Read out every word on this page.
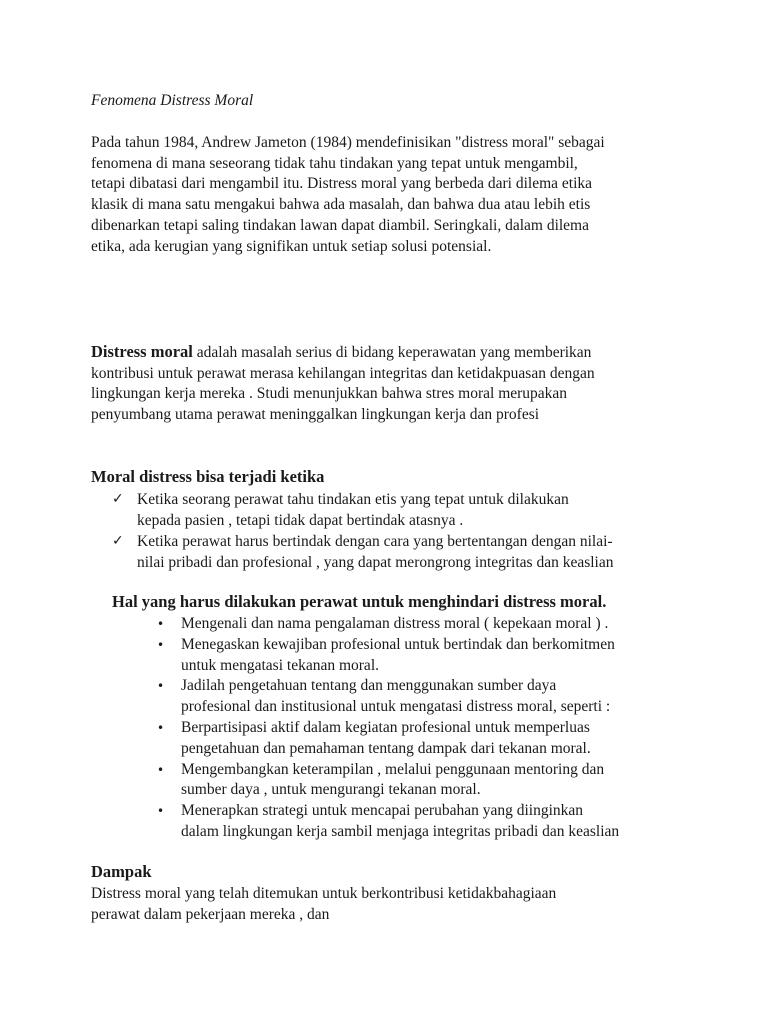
Fenomena Distress Moral
Pada tahun 1984, Andrew Jameton (1984) mendefinisikan "distress moral" sebagai
fenomena di mana seseorang tidak tahu tindakan yang tepat untuk mengambil,
tetapi dibatasi dari mengambil itu. Distress moral yang berbeda dari dilema etika
klasik di mana satu mengakui bahwa ada masalah, dan bahwa dua atau lebih etis
dibenarkan tetapi saling tindakan lawan dapat diambil. Seringkali, dalam dilema
etika, ada kerugian yang signifikan untuk setiap solusi potensial.
Distress moral adalah masalah serius di bidang keperawatan yang memberikan
kontribusi untuk perawat merasa kehilangan integritas dan ketidakpuasan dengan
lingkungan kerja mereka . Studi menunjukkan bahwa stres moral merupakan
penyumbang utama perawat meninggalkan lingkungan kerja dan profesi
Moral distress bisa terjadi ketika
✓ Ketika seorang perawat tahu tindakan etis yang tepat untuk dilakukan
kepada pasien , tetapi tidak dapat bertindak atasnya .
✓ Ketika perawat harus bertindak dengan cara yang bertentangan dengan nilai-
nilai pribadi dan profesional , yang dapat merongrong integritas dan keaslian
Hal yang harus dilakukan perawat untuk menghindari distress moral.
• Mengenali dan nama pengalaman distress moral ( kepekaan moral ) .
• Menegaskan kewajiban profesional untuk bertindak dan berkomitmen
untuk mengatasi tekanan moral.
• Jadilah pengetahuan tentang dan menggunakan sumber daya
profesional dan institusional untuk mengatasi distress moral, seperti :
• Berpartisipasi aktif dalam kegiatan profesional untuk memperluas
pengetahuan dan pemahaman tentang dampak dari tekanan moral.
• Mengembangkan keterampilan , melalui penggunaan mentoring dan
sumber daya , untuk mengurangi tekanan moral.
• Menerapkan strategi untuk mencapai perubahan yang diinginkan
dalam lingkungan kerja sambil menjaga integritas pribadi dan keaslian
Dampak
Distress moral yang telah ditemukan untuk berkontribusi ketidakbahagiaan
perawat dalam pekerjaan mereka , dan
